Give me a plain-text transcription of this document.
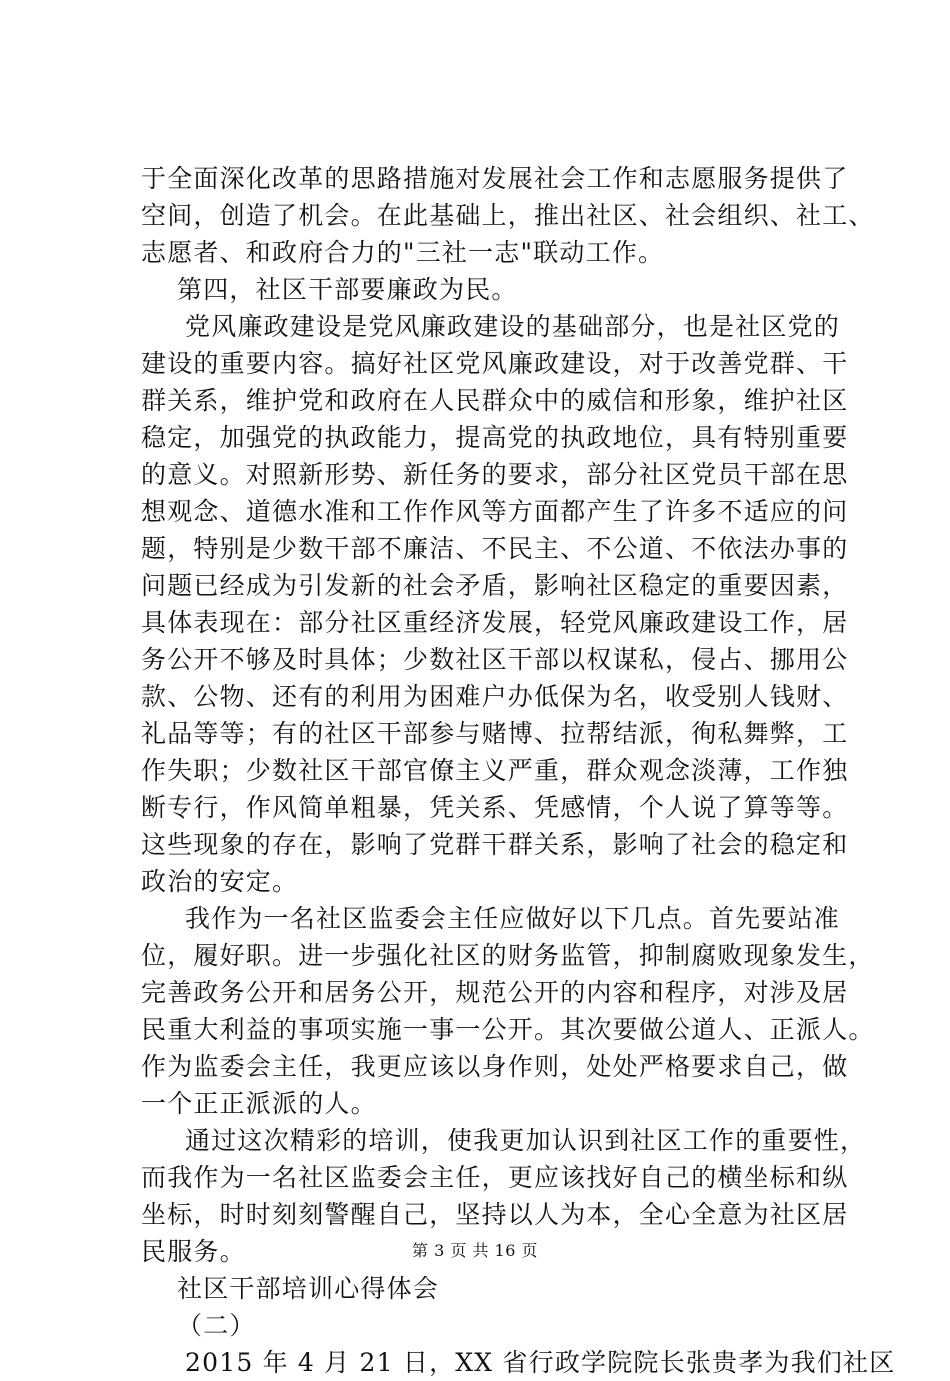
于全面深化改革的思路措施对发展社会工作和志愿服务提供了
空间，创造了机会。在此基础上，推出社区、社会组织、社工、
志愿者、和政府合力的"三社一志"联动工作。
第四，社区干部要廉政为民。
党风廉政建设是党风廉政建设的基础部分，也是社区党的
建设的重要内容。搞好社区党风廉政建设，对于改善党群、干
群关系，维护党和政府在人民群众中的威信和形象，维护社区
稳定，加强党的执政能力，提高党的执政地位，具有特别重要
的意义。对照新形势、新任务的要求，部分社区党员干部在思
想观念、道德水准和工作作风等方面都产生了许多不适应的问
题，特别是少数干部不廉洁、不民主、不公道、不依法办事的
问题已经成为引发新的社会矛盾，影响社区稳定的重要因素，
具体表现在：部分社区重经济发展，轻党风廉政建设工作，居
务公开不够及时具体；少数社区干部以权谋私，侵占、挪用公
款、公物、还有的利用为困难户办低保为名，收受别人钱财、
礼品等等；有的社区干部参与赌博、拉帮结派，徇私舞弊，工
作失职；少数社区干部官僚主义严重，群众观念淡薄，工作独
断专行，作风简单粗暴，凭关系、凭感情，个人说了算等等。
这些现象的存在，影响了党群干群关系，影响了社会的稳定和
政治的安定。
我作为一名社区监委会主任应做好以下几点。首先要站准
位，履好职。进一步强化社区的财务监管，抑制腐败现象发生，
完善政务公开和居务公开，规范公开的内容和程序，对涉及居
民重大利益的事项实施一事一公开。其次要做公道人、正派人。
作为监委会主任，我更应该以身作则，处处严格要求自己，做
一个正正派派的人。
通过这次精彩的培训，使我更加认识到社区工作的重要性，
而我作为一名社区监委会主任，更应该找好自己的横坐标和纵
坐标，时时刻刻警醒自己，坚持以人为本，全心全意为社区居
民服务。
社区干部培训心得体会
（二）
2015 年 4 月 21 日，XX 省行政学院院长张贵孝为我们社区
第 3 页 共 16 页
